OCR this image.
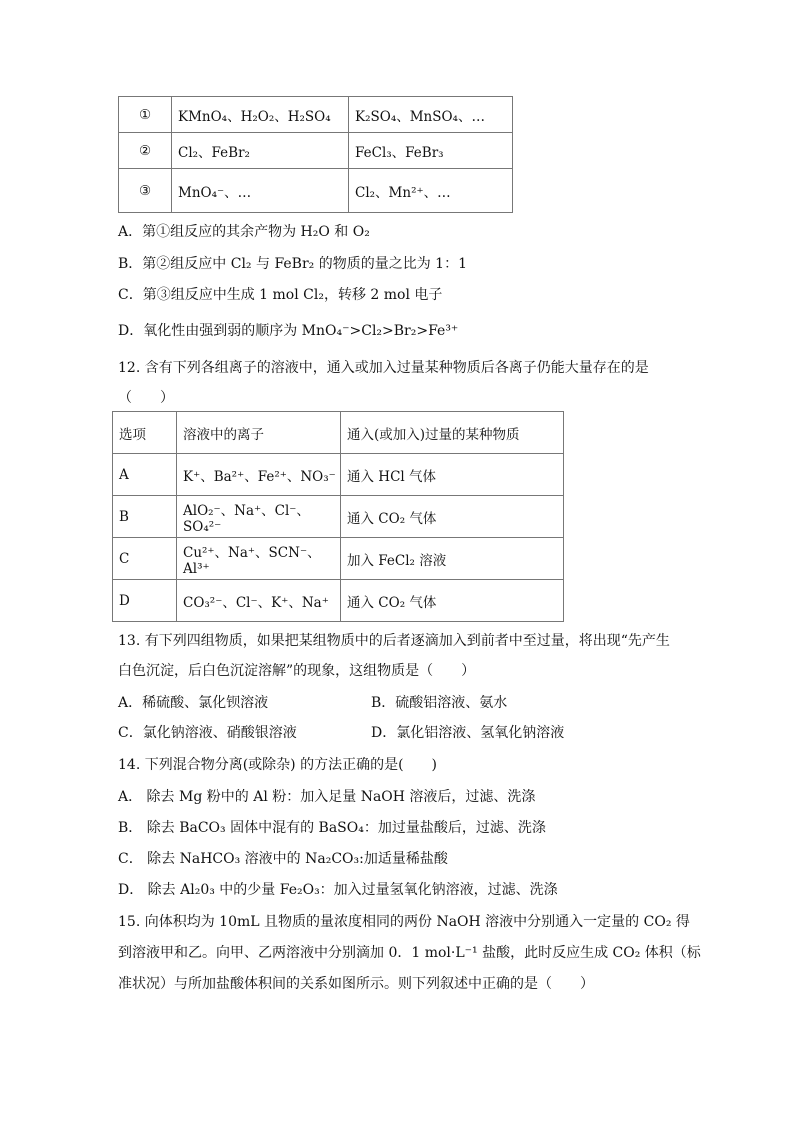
①	KMnO₄、H₂O₂、H₂SO₄	K₂SO₄、MnSO₄、…
②	Cl₂、FeBr₂	FeCl₃、FeBr₃
③	MnO₄⁻、…	Cl₂、Mn²⁺、…
A．第①组反应的其余产物为 H₂O 和 O₂
B．第②组反应中 Cl₂ 与 FeBr₂ 的物质的量之比为 1：1
C．第③组反应中生成 1 mol Cl₂，转移 2 mol 电子
D．氧化性由强到弱的顺序为 MnO₄⁻>Cl₂>Br₂>Fe³⁺
12. 含有下列各组离子的溶液中，通入或加入过量某种物质后各离子仍能大量存在的是
（　　）
选项	溶液中的离子	通入(或加入)过量的某种物质
A	K⁺、Ba²⁺、Fe²⁺、NO₃⁻	通入 HCl 气体
B	AlO₂⁻、Na⁺、Cl⁻、SO₄²⁻	通入 CO₂ 气体
C	Cu²⁺、Na⁺、SCN⁻、Al³⁺	加入 FeCl₂ 溶液
D	CO₃²⁻、Cl⁻、K⁺、Na⁺	通入 CO₂ 气体
13. 有下列四组物质，如果把某组物质中的后者逐滴加入到前者中至过量，将出现“先产生
白色沉淀，后白色沉淀溶解”的现象，这组物质是（　　）
A．稀硫酸、氯化钡溶液	B．硫酸铝溶液、氨水
C．氯化钠溶液、硝酸银溶液	D．氯化铝溶液、氢氧化钠溶液
14. 下列混合物分离(或除杂) 的方法正确的是(　　)
A． 除去 Mg 粉中的 Al 粉：加入足量 NaOH 溶液后，过滤、洗涤
B． 除去 BaCO₃ 固体中混有的 BaSO₄：加过量盐酸后，过滤、洗涤
C． 除去 NaHCO₃ 溶液中的 Na₂CO₃:加适量稀盐酸
D． 除去 Al₂0₃ 中的少量 Fe₂O₃：加入过量氢氧化钠溶液，过滤、洗涤
15. 向体积均为 10mL 且物质的量浓度相同的两份 NaOH 溶液中分别通入一定量的 CO₂ 得
到溶液甲和乙。向甲、乙两溶液中分别滴加 0．1 mol·L⁻¹ 盐酸，此时反应生成 CO₂ 体积（标
准状况）与所加盐酸体积间的关系如图所示。则下列叙述中正确的是（　　）
